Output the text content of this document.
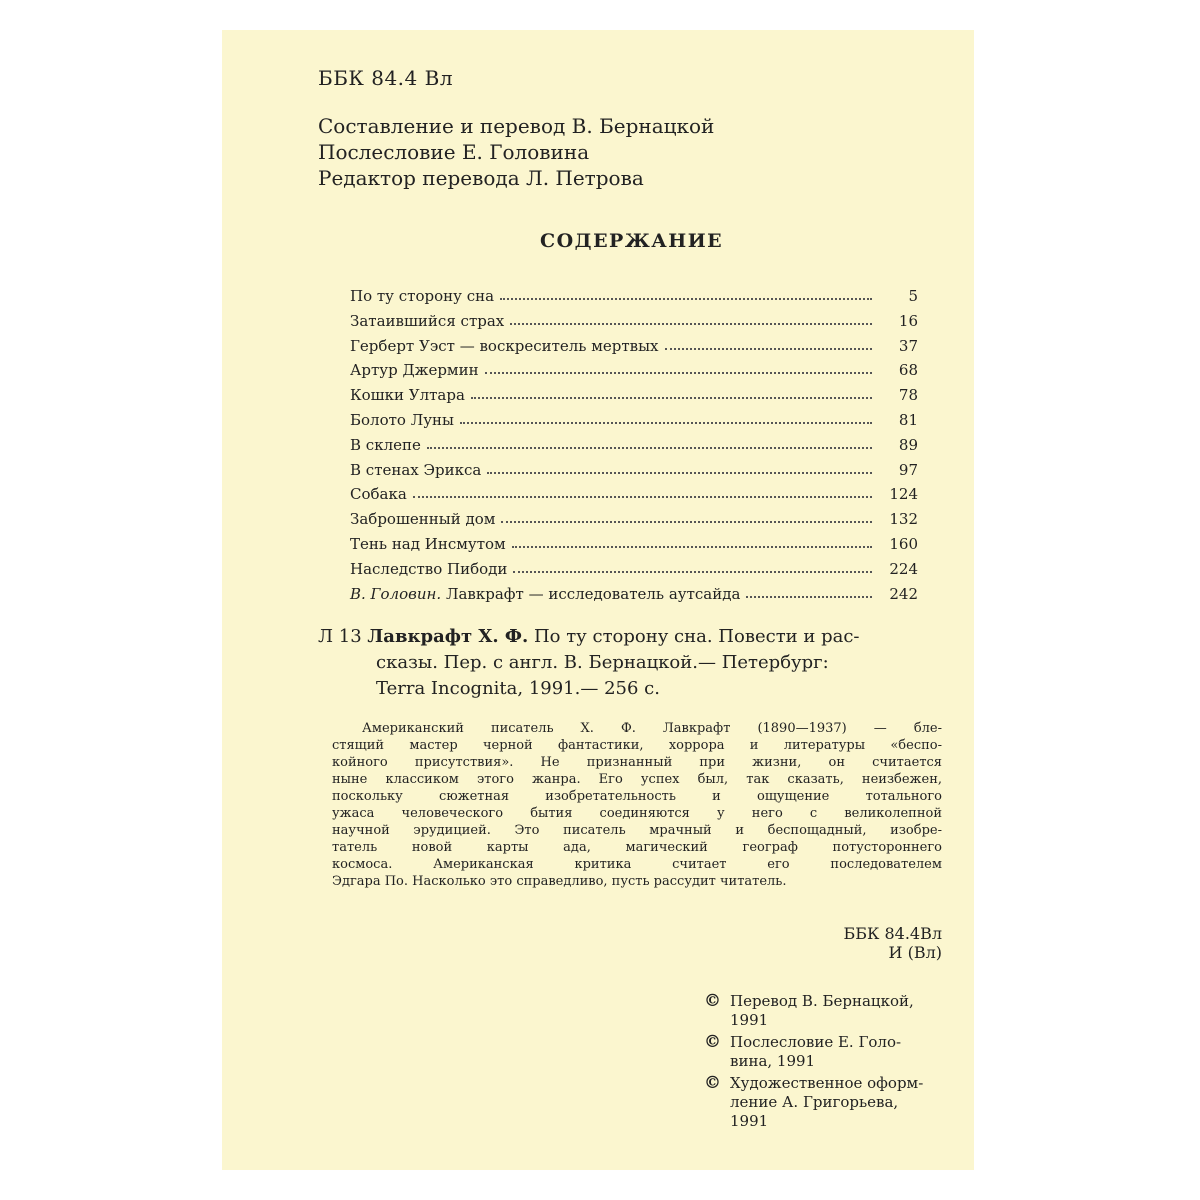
ББК 84.4 Вл
Составление и перевод В. Бернацкой
Послесловие Е. Головина
Редактор перевода Л. Петрова
СОДЕРЖАНИЕ
По ту сторону сна	5
Затаившийся страх	16
Герберт Уэст — воскреситель мертвых	37
Артур Джермин	68
Кошки Ултара	78
Болото Луны	81
В склепе	89
В стенах Эрикса	97
Собака	124
Заброшенный дом	132
Тень над Инсмутом	160
Наследство Пибоди	224
В. Головин. Лавкрафт — исследователь аутсайда	242
Л 13 Лавкрафт Х. Ф. По ту сторону сна. Повести и рас-
сказы. Пер. с англ. В. Бернацкой.— Петербург:
Terra Incognita, 1991.— 256 с.
Американский писатель Х. Ф. Лавкрафт (1890—1937) — бле-
стящий мастер черной фантастики, хоррора и литературы «беспо-
койного присутствия». Не признанный при жизни, он считается
ныне классиком этого жанра. Его успех был, так сказать, неизбежен,
поскольку сюжетная изобретательность и ощущение тотального
ужаса человеческого бытия соединяются у него с великолепной
научной эрудицией. Это писатель мрачный и беспощадный, изобре-
татель новой карты ада, магический географ потустороннего
космоса. Американская критика считает его последователем
Эдгара По. Насколько это справедливо, пусть рассудит читатель.
ББК 84.4Вл
И (Вл)
© Перевод В. Бернацкой,
1991
© Послесловие Е. Голо-
вина, 1991
© Художественное оформ-
ление А. Григорьева,
1991
